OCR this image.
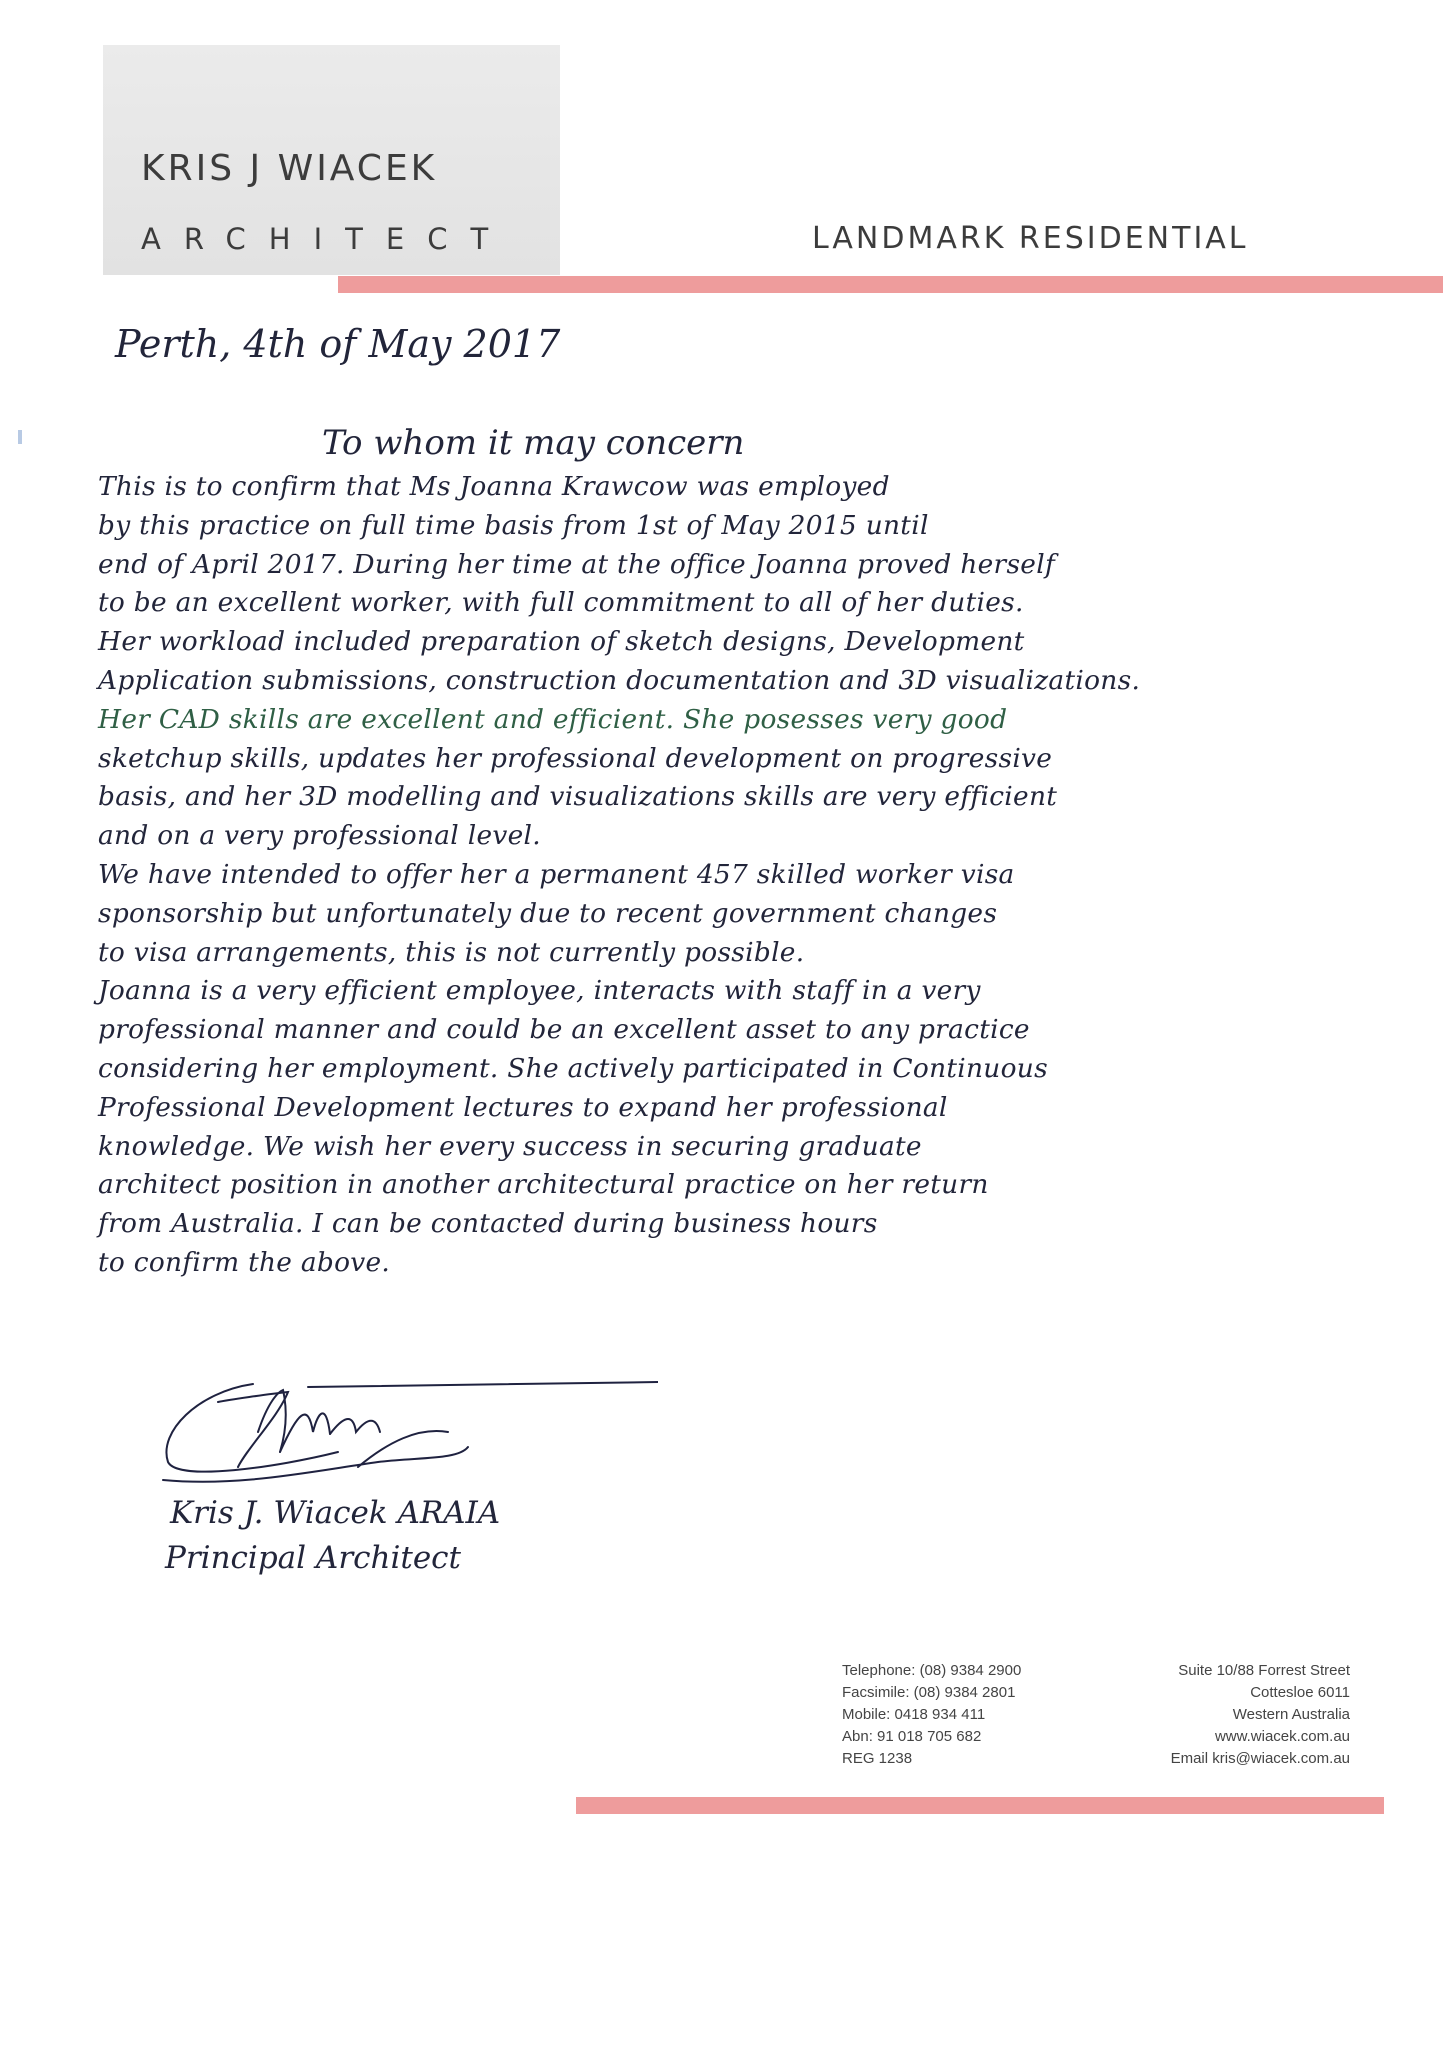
KRIS J WIACEK
ARCHITECT	LANDMARK RESIDENTIAL
Perth, 4th of May 2017
To whom it may concern
This is to confirm that Ms Joanna Krawcow was employed
by this practice on full time basis from 1st of May 2015 until
end of April 2017. During her time at the office Joanna proved herself
to be an excellent worker, with full commitment to all of her duties.
Her workload included preparation of sketch designs, Development
Application submissions, construction documentation and 3D visualizations.
Her CAD skills are excellent and efficient. She posesses very good
sketchup skills, updates her professional development on progressive
basis, and her 3D modelling and visualizations skills are very efficient
and on a very professional level.
We have intended to offer her a permanent 457 skilled worker visa
sponsorship but unfortunately due to recent government changes
to visa arrangements, this is not currently possible.
Joanna is a very efficient employee, interacts with staff in a very
professional manner and could be an excellent asset to any practice
considering her employment. She actively participated in Continuous
Professional Development lectures to expand her professional
knowledge. We wish her every success in securing graduate
architect position in another architectural practice on her return
from Australia. I can be contacted during business hours
to confirm the above.
Kris J. Wiacek ARAIA
Principal Architect
Telephone: (08) 9384 2900
Facsimile: (08) 9384 2801
Mobile: 0418 934 411
Abn: 91 018 705 682
REG 1238
Suite 10/88 Forrest Street
Cottesloe 6011
Western Australia
www.wiacek.com.au
Email kris@wiacek.com.au
